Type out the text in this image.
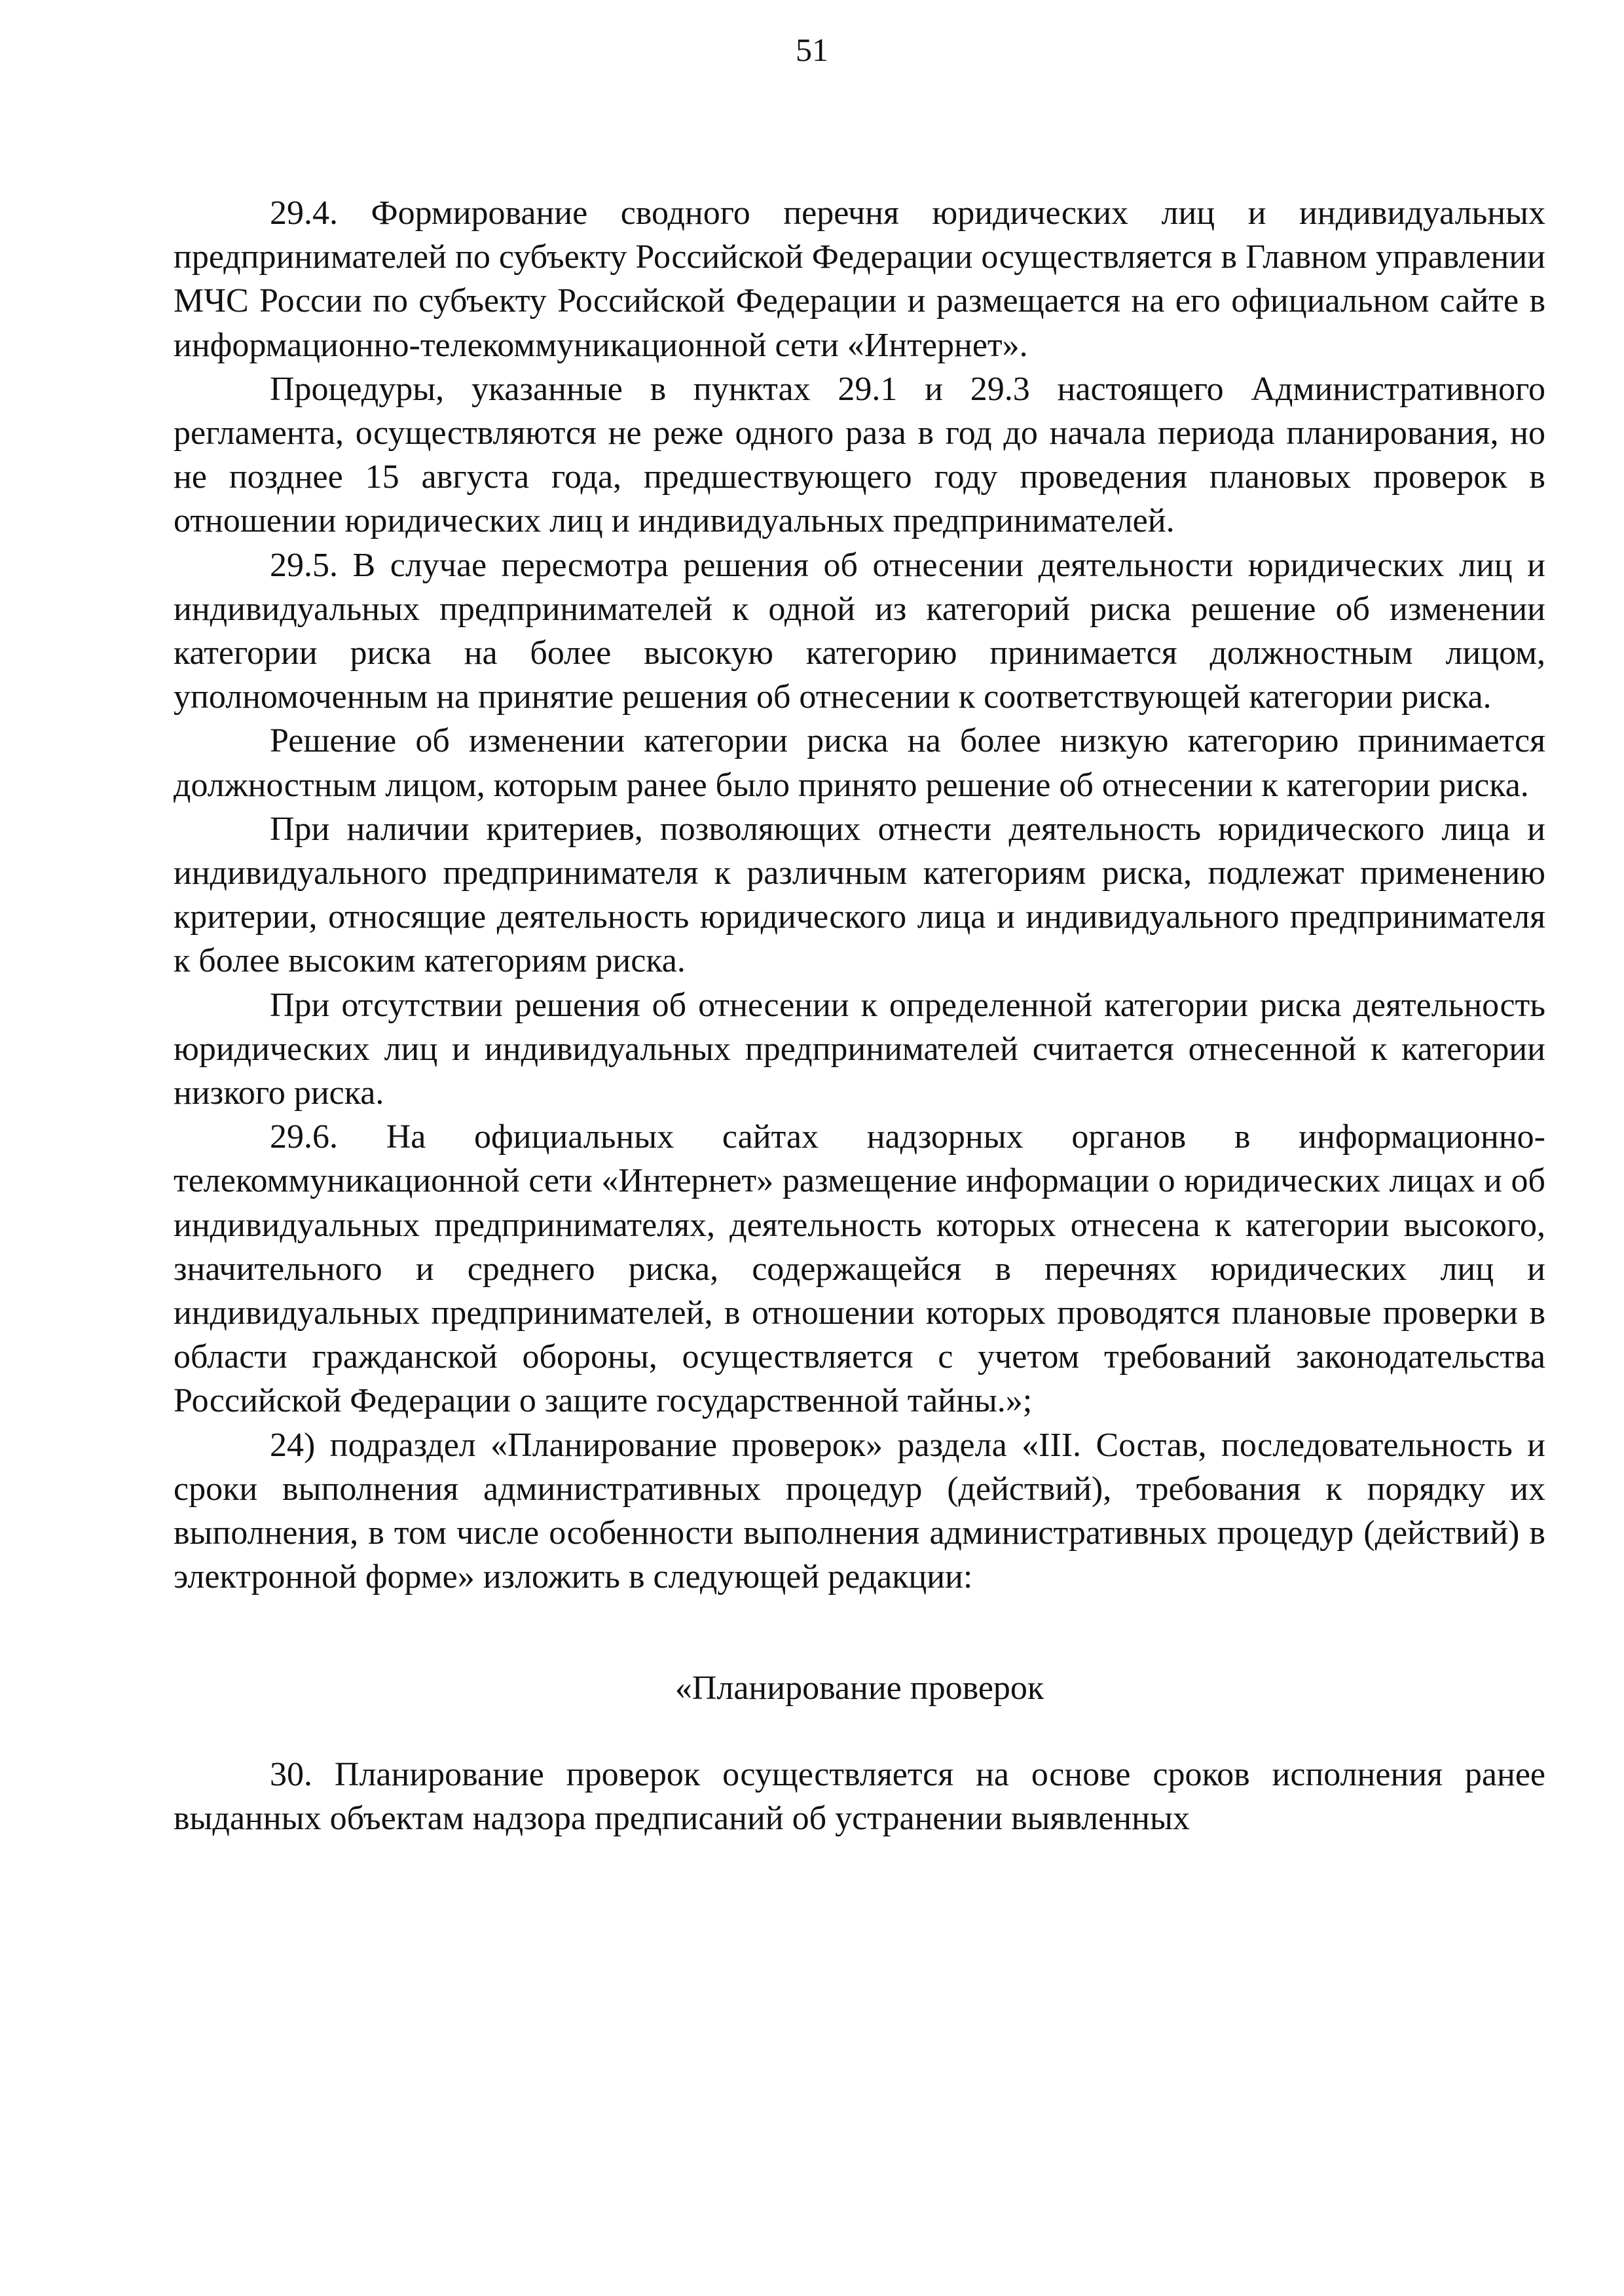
51

29.4. Формирование сводного перечня юридических лиц и индивидуальных предпринимателей по субъекту Российской Федерации осуществляется в Главном управлении МЧС России по субъекту Российской Федерации и размещается на его официальном сайте в информационно-телекоммуникационной сети «Интернет».

Процедуры, указанные в пунктах 29.1 и 29.3 настоящего Административного регламента, осуществляются не реже одного раза в год до начала периода планирования, но не позднее 15 августа года, предшествующего году проведения плановых проверок в отношении юридических лиц и индивидуальных предпринимателей.

29.5. В случае пересмотра решения об отнесении деятельности юридических лиц и индивидуальных предпринимателей к одной из категорий риска решение об изменении категории риска на более высокую категорию принимается должностным лицом, уполномоченным на принятие решения об отнесении к соответствующей категории риска.

Решение об изменении категории риска на более низкую категорию принимается должностным лицом, которым ранее было принято решение об отнесении к категории риска.

При наличии критериев, позволяющих отнести деятельность юридического лица и индивидуального предпринимателя к различным категориям риска, подлежат применению критерии, относящие деятельность юридического лица и индивидуального предпринимателя к более высоким категориям риска.

При отсутствии решения об отнесении к определенной категории риска деятельность юридических лиц и индивидуальных предпринимателей считается отнесенной к категории низкого риска.

29.6. На официальных сайтах надзорных органов в информационно-телекоммуникационной сети «Интернет» размещение информации о юридических лицах и об индивидуальных предпринимателях, деятельность которых отнесена к категории высокого, значительного и среднего риска, содержащейся в перечнях юридических лиц и индивидуальных предпринимателей, в отношении которых проводятся плановые проверки в области гражданской обороны, осуществляется с учетом требований законодательства Российской Федерации о защите государственной тайны.»;

24) подраздел «Планирование проверок» раздела «III. Состав, последовательность и сроки выполнения административных процедур (действий), требования к порядку их выполнения, в том числе особенности выполнения административных процедур (действий) в электронной форме» изложить в следующей редакции:

«Планирование проверок

30. Планирование проверок осуществляется на основе сроков исполнения ранее выданных объектам надзора предписаний об устранении выявленных
